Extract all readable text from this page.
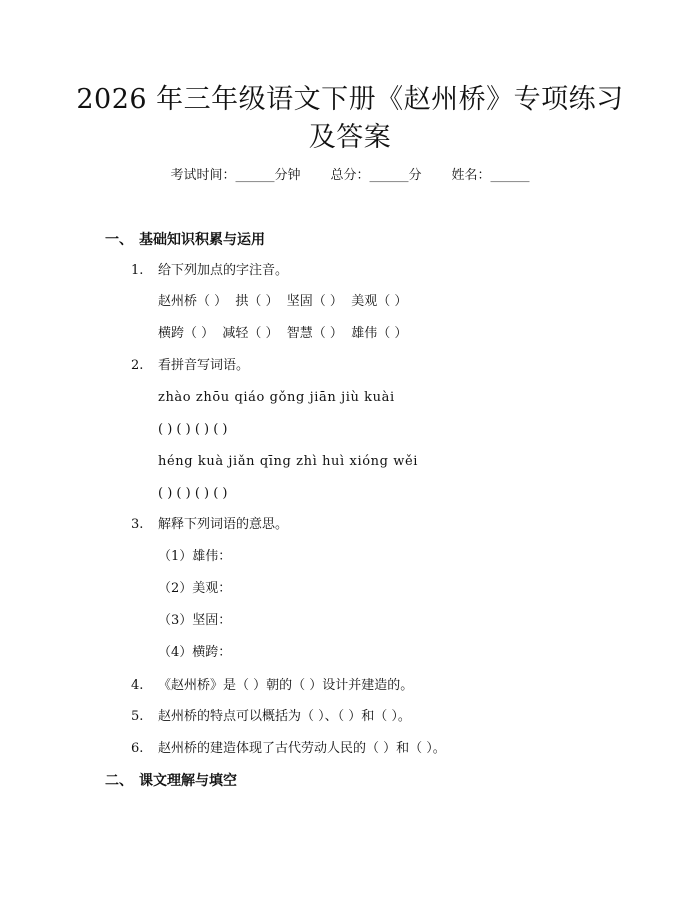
2026 年三年级语文下册《赵州桥》专项练习
及答案
考试时间：______分钟 总分：______分 姓名：______
一、 基础知识积累与运用
1. 给下列加点的字注音。
赵州桥（ ）  拱（ ）  坚固（ ）  美观（ ）
横跨（ ）  减轻（ ）  智慧（ ）  雄伟（ ）
2. 看拼音写词语。
zhào zhōu qiáo gǒng jiān jiù kuài
( ) ( ) ( ) ( )
héng kuà jiǎn qīng zhì huì xióng wěi
( ) ( ) ( ) ( )
3. 解释下列词语的意思。
（1）雄伟：
（2）美观：
（3）坚固：
（4）横跨：
4. 《赵州桥》是（ ）朝的（ ）设计并建造的。
5. 赵州桥的特点可以概括为（ ）、（ ）和（ ）。
6. 赵州桥的建造体现了古代劳动人民的（ ）和（ ）。
二、 课文理解与填空
